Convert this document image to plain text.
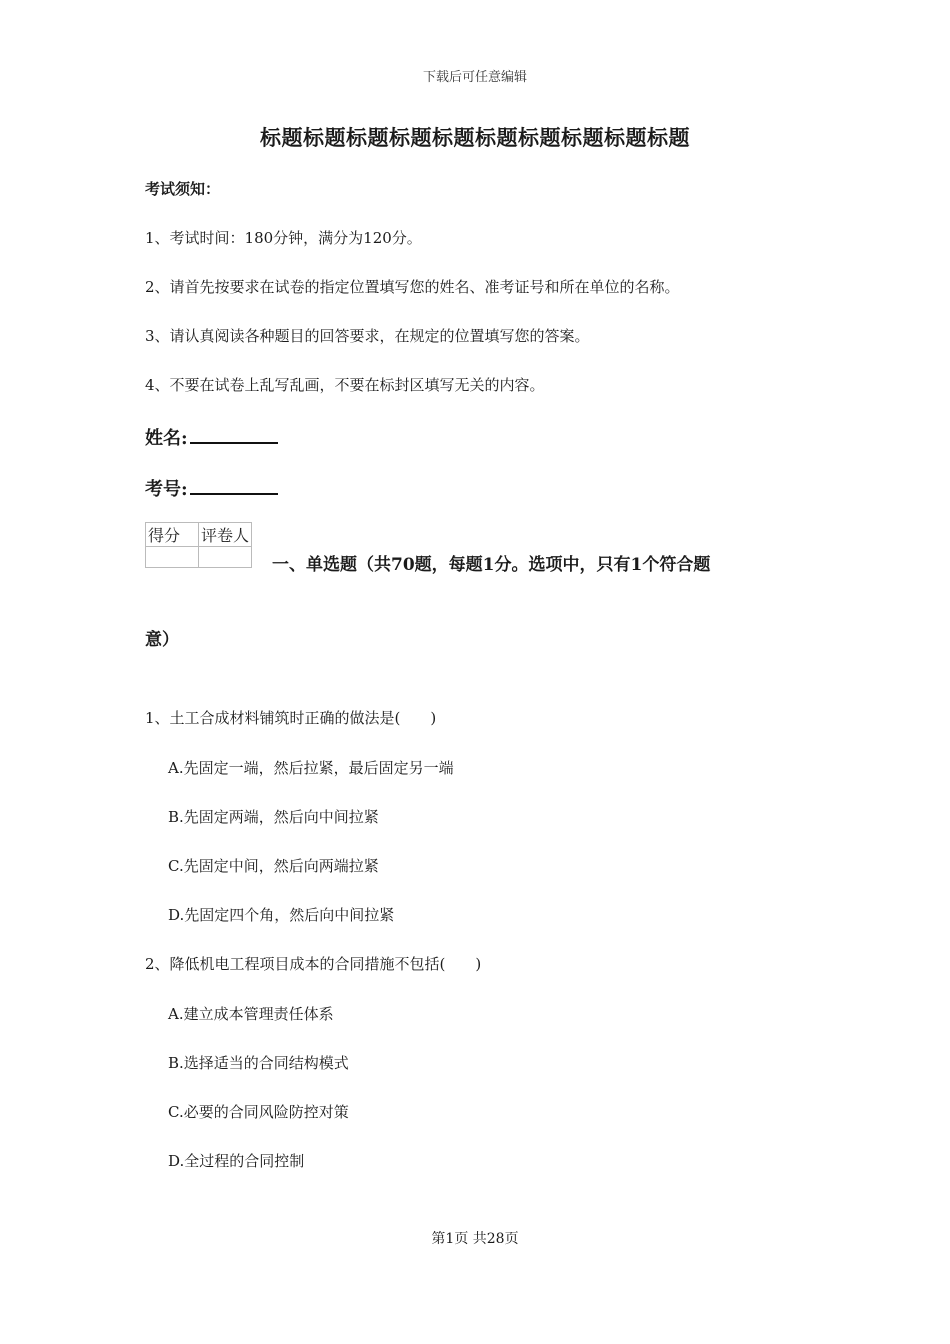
下载后可任意编辑
标题标题标题标题标题标题标题标题标题标题
考试须知：
1、考试时间：180分钟，满分为120分。
2、请首先按要求在试卷的指定位置填写您的姓名、准考证号和所在单位的名称。
3、请认真阅读各种题目的回答要求，在规定的位置填写您的答案。
4、不要在试卷上乱写乱画，不要在标封区填写无关的内容。
姓名:
考号:
得分	评卷人

一、单选题（共70题，每题1分。选项中，只有1个符合题
意）
1、土工合成材料铺筑时正确的做法是(　　)
A.先固定一端，然后拉紧，最后固定另一端
B.先固定两端，然后向中间拉紧
C.先固定中间，然后向两端拉紧
D.先固定四个角，然后向中间拉紧
2、降低机电工程项目成本的合同措施不包括(　　)
A.建立成本管理责任体系
B.选择适当的合同结构模式
C.必要的合同风险防控对策
D.全过程的合同控制
第1页 共28页
